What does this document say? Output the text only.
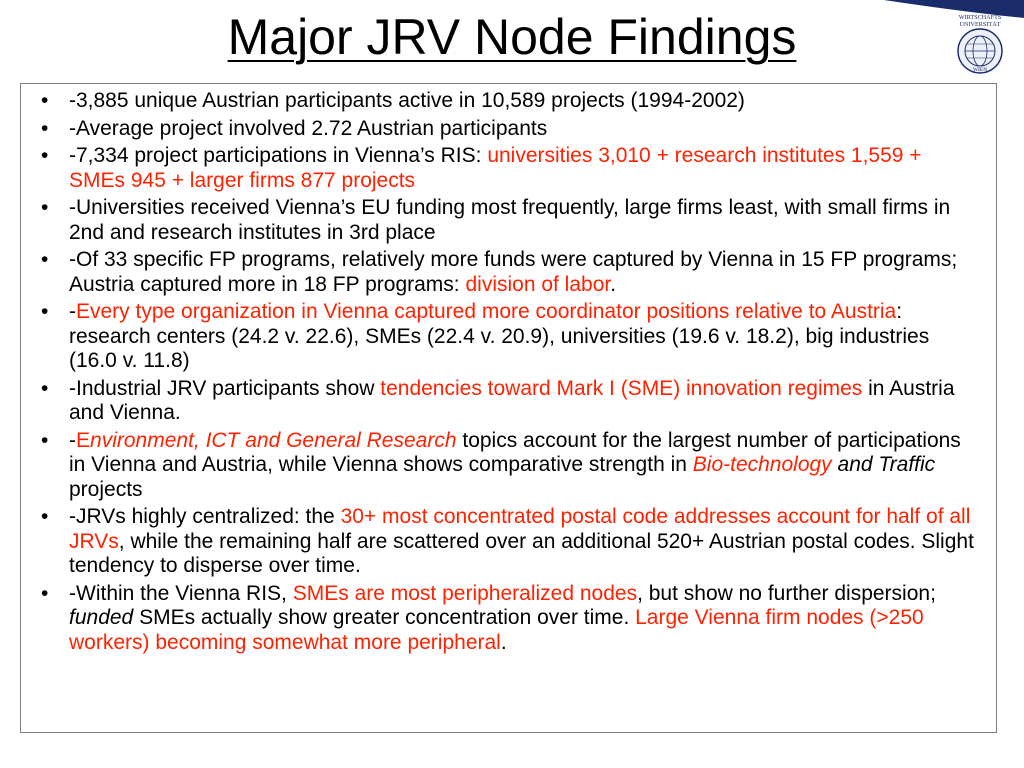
Major JRV Node Findings	WIRTSCHAFTS
UNIVERSITÄT
WIEN
• -3,885 unique Austrian participants active in 10,589 projects (1994-2002)
• -Average project involved 2.72 Austrian participants
• -7,334 project participations in Vienna’s RIS: universities 3,010 + research institutes 1,559 + SMEs 945 + larger firms 877 projects
• -Universities received Vienna’s EU funding most frequently, large firms least, with small firms in 2nd and research institutes in 3rd place
• -Of 33 specific FP programs, relatively more funds were captured by Vienna in 15 FP programs; Austria captured more in 18 FP programs: division of labor.
• -Every type organization in Vienna captured more coordinator positions relative to Austria: research centers (24.2 v. 22.6), SMEs (22.4 v. 20.9), universities (19.6 v. 18.2), big industries (16.0 v. 11.8)
• -Industrial JRV participants show tendencies toward Mark I (SME) innovation regimes in Austria and Vienna.
• -Environment, ICT and General Research topics account for the largest number of participations in Vienna and Austria, while Vienna shows comparative strength in Bio-technology and Traffic projects
• -JRVs highly centralized: the 30+ most concentrated postal code addresses account for half of all JRVs, while the remaining half are scattered over an additional 520+ Austrian postal codes. Slight tendency to disperse over time.
• -Within the Vienna RIS, SMEs are most peripheralized nodes, but show no further dispersion; funded SMEs actually show greater concentration over time. Large Vienna firm nodes (>250 workers) becoming somewhat more peripheral.
